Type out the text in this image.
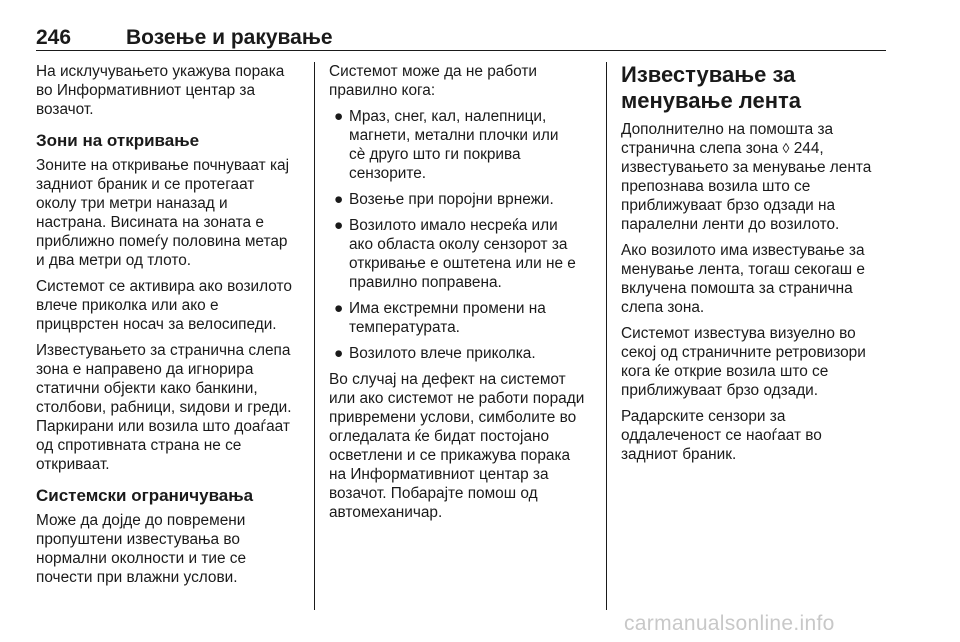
246	Возење и ракување

На исклучувањето укажува порака
во Информативниот центар за
возачот.

Зони на откривање

Зоните на откривање почнуваат кај
задниот браник и се протегаат
околу три метри наназад и
настрана. Висината на зоната е
приближно помеѓу половина метар
и два метри од тлото.

Системот се активира ако возилото
влече приколка или ако е
прицврстен носач за велосипеди.

Известувањето за странична слепа
зона е направено да игнорира
статични објекти како банкини,
столбови, рабници, ѕидови и греди.
Паркирани или возила што доаѓаат
од спротивната страна не се
откриваат.

Системски ограничувања

Може да дојде до повремени
пропуштени известувања во
нормални околности и тие се
почести при влажни услови.

Системот може да не работи
правилно кога:

● Мраз, снег, кал, налепници,
магнети, метални плочки или
сè друго што ги покрива
сензорите.
● Возење при поројни врнежи.
● Возилото имало несреќа или
ако областа околу сензорот за
откривање е оштетена или не е
правилно поправена.
● Има екстремни промени на
температурата.
● Возилото влече приколка.

Во случај на дефект на системот
или ако системот не работи поради
привремени услови, симболите во
огледалата ќе бидат постојано
осветлени и се прикажува порака
на Информативниот центар за
возачот. Побарајте помош од
автомеханичар.

Известување за
менување лента

Дополнително на помошта за
странична слепа зона ◊ 244,
известувањето за менување лента
препознава возила што се
приближуваат брзо одзади на
паралелни ленти до возилото.

Ако возилото има известување за
менување лента, тогаш секогаш е
вклучена помошта за странична
слепа зона.

Системот известува визуелно во
секој од страничните ретровизори
кога ќе открие возила што се
приближуваат брзо одзади.

Радарските сензори за
оддалеченост се наоѓаат во
задниот браник.

carmanualsonline.info
